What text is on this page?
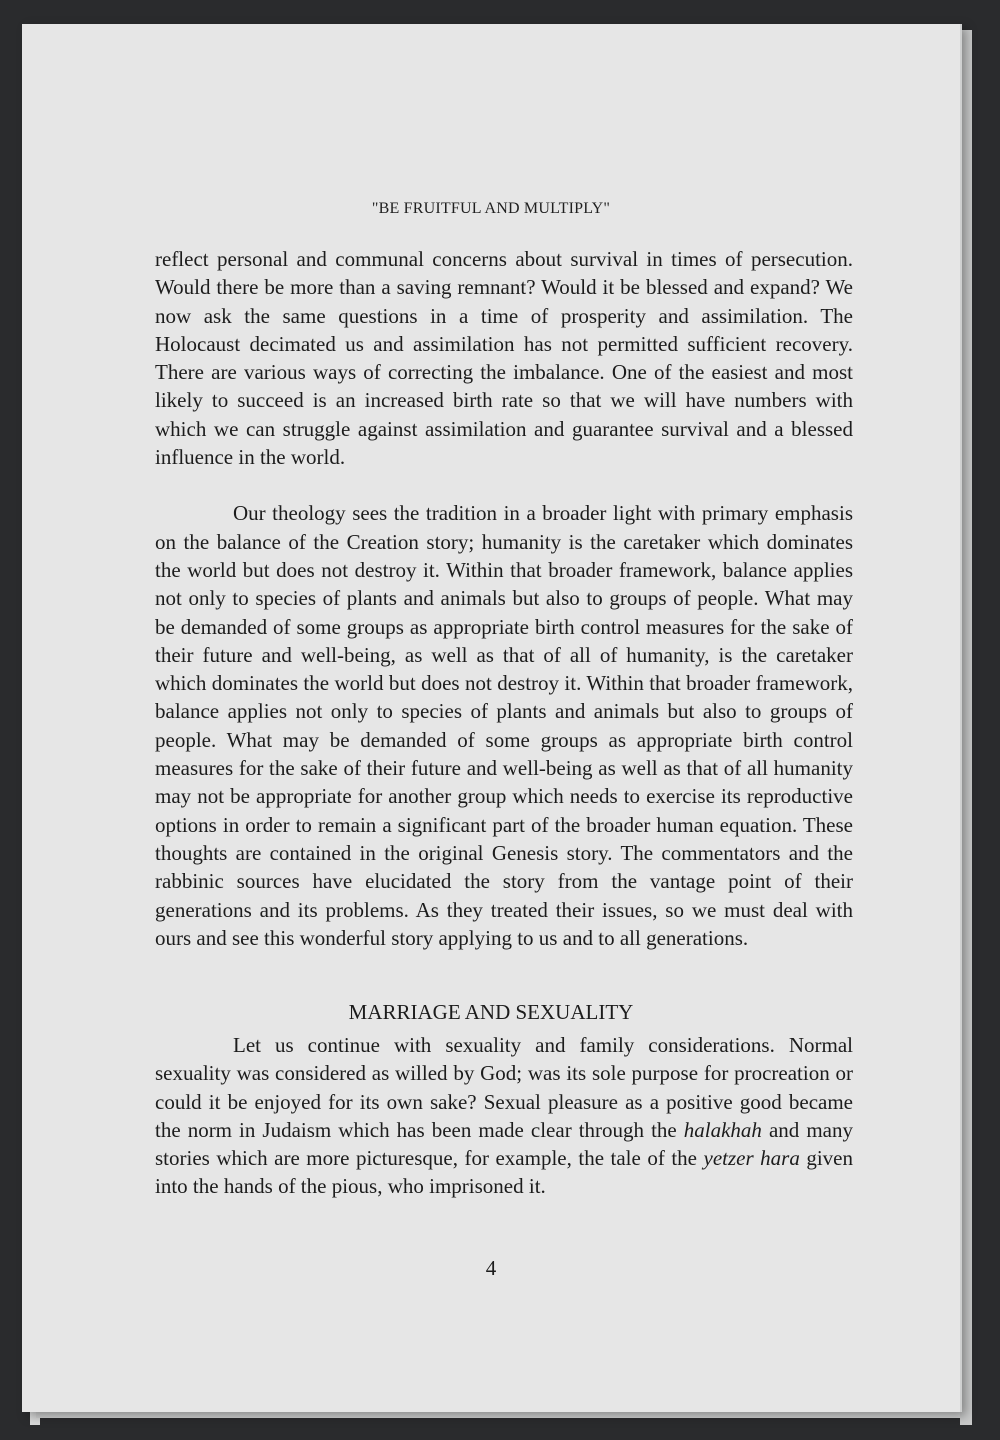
"BE FRUITFUL AND MULTIPLY"

reflect personal and communal concerns about survival in times of persecution. Would there be more than a saving remnant? Would it be blessed and expand? We now ask the same questions in a time of prosperity and assimilation. The Holocaust decimated us and assimilation has not permitted sufficient recovery. There are various ways of correcting the imbalance. One of the easiest and most likely to succeed is an increased birth rate so that we will have numbers with which we can struggle against assimilation and guarantee survival and a blessed influence in the world.

Our theology sees the tradition in a broader light with primary emphasis on the balance of the Creation story; humanity is the caretaker which dominates the world but does not destroy it. Within that broader framework, balance applies not only to species of plants and animals but also to groups of people. What may be demanded of some groups as appropriate birth control measures for the sake of their future and well-being, as well as that of all of humanity, is the caretaker which dominates the world but does not destroy it. Within that broader framework, balance applies not only to species of plants and animals but also to groups of people. What may be demanded of some groups as appropriate birth control measures for the sake of their future and well-being as well as that of all humanity may not be appropriate for another group which needs to exercise its reproductive options in order to remain a significant part of the broader human equation. These thoughts are contained in the original Genesis story. The commentators and the rabbinic sources have elucidated the story from the vantage point of their generations and its problems. As they treated their issues, so we must deal with ours and see this wonderful story applying to us and to all generations.

MARRIAGE AND SEXUALITY

Let us continue with sexuality and family considerations. Normal sexuality was considered as willed by God; was its sole purpose for procreation or could it be enjoyed for its own sake? Sexual pleasure as a positive good became the norm in Judaism which has been made clear through the halakhah and many stories which are more picturesque, for example, the tale of the yetzer hara given into the hands of the pious, who imprisoned it.

4
